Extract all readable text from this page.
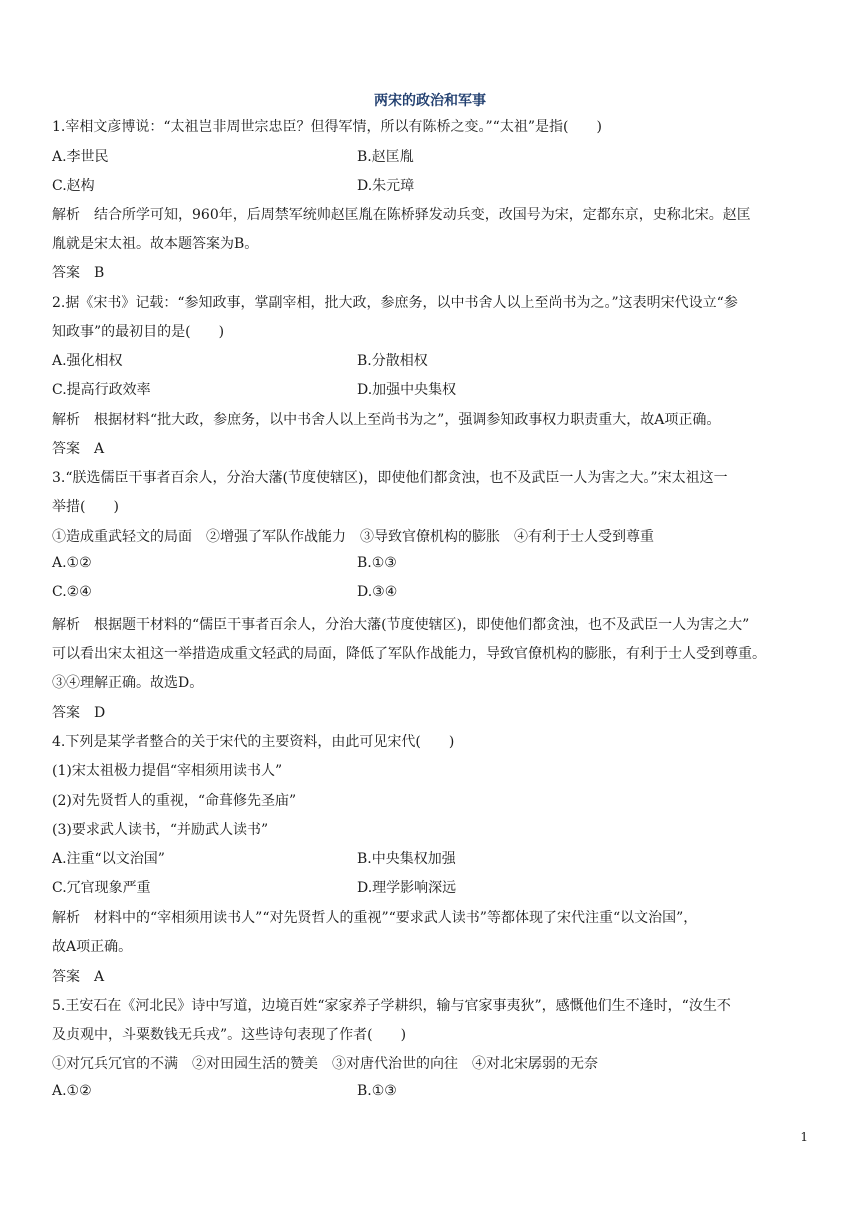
两宋的政治和军事
1.宰相文彦博说：“太祖岂非周世宗忠臣？但得军情，所以有陈桥之变。”“太祖”是指(　　)
A.李世民	B.赵匡胤
C.赵构	D.朱元璋
解析　结合所学可知，960年，后周禁军统帅赵匡胤在陈桥驿发动兵变，改国号为宋，定都东京，史称北宋。赵匡
胤就是宋太祖。故本题答案为B。
答案　B
2.据《宋书》记载：“参知政事，掌副宰相，批大政，参庶务，以中书舍人以上至尚书为之。”这表明宋代设立“参
知政事”的最初目的是(　　)
A.强化相权	B.分散相权
C.提高行政效率	D.加强中央集权
解析　根据材料“批大政，参庶务，以中书舍人以上至尚书为之”，强调参知政事权力职责重大，故A项正确。
答案　A
3.“朕选儒臣干事者百余人，分治大藩(节度使辖区)，即使他们都贪浊，也不及武臣一人为害之大。”宋太祖这一
举措(　　)
①造成重武轻文的局面　②增强了军队作战能力　③导致官僚机构的膨胀　④有利于士人受到尊重
A.①②	B.①③
C.②④	D.③④
解析　根据题干材料的“儒臣干事者百余人，分治大藩(节度使辖区)，即使他们都贪浊，也不及武臣一人为害之大”
可以看出宋太祖这一举措造成重文轻武的局面，降低了军队作战能力，导致官僚机构的膨胀，有利于士人受到尊重。
③④理解正确。故选D。
答案　D
4.下列是某学者整合的关于宋代的主要资料，由此可见宋代(　　)
(1)宋太祖极力提倡“宰相须用读书人”
(2)对先贤哲人的重视，“命葺修先圣庙”
(3)要求武人读书，“并励武人读书”
A.注重“以文治国”	B.中央集权加强
C.冗官现象严重	D.理学影响深远
解析　材料中的“宰相须用读书人”“对先贤哲人的重视”“要求武人读书”等都体现了宋代注重“以文治国”，
故A项正确。
答案　A
5.王安石在《河北民》诗中写道，边境百姓“家家养子学耕织，输与官家事夷狄”，感慨他们生不逢时，“汝生不
及贞观中，斗粟数钱无兵戎”。这些诗句表现了作者(　　)
①对冗兵冗官的不满　②对田园生活的赞美　③对唐代治世的向往　④对北宋孱弱的无奈
A.①②	B.①③
1
